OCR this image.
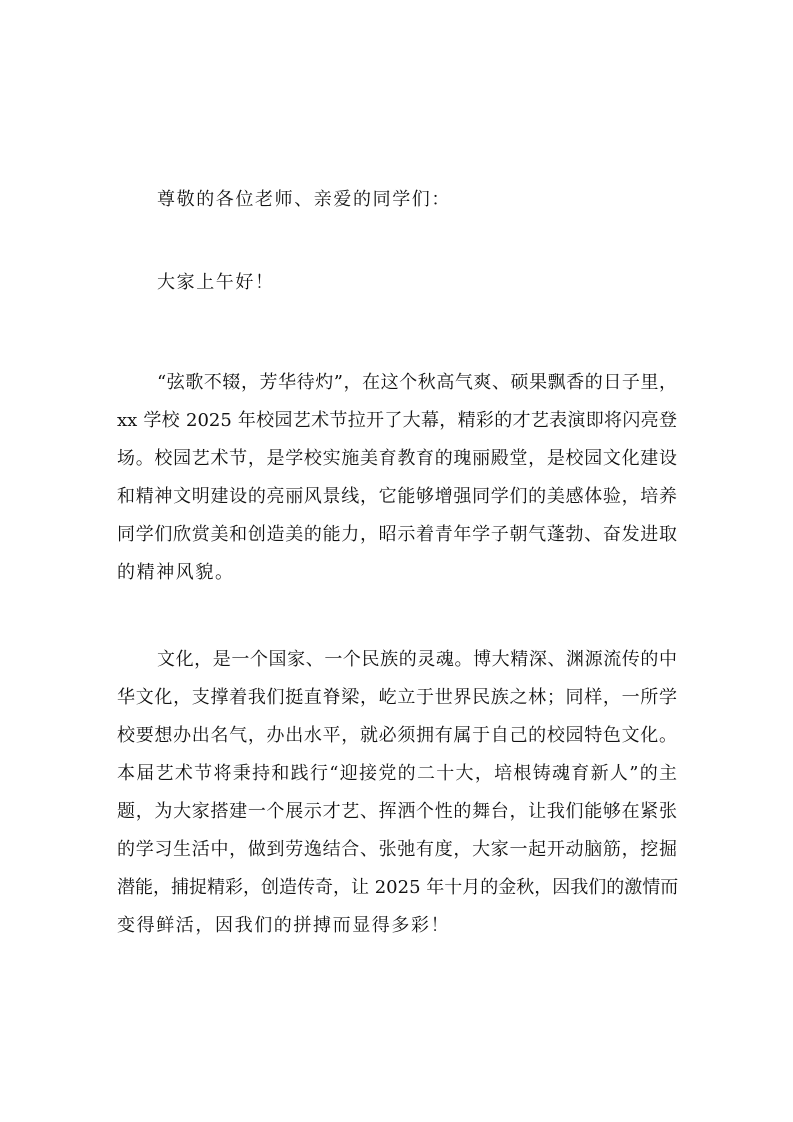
尊敬的各位老师、亲爱的同学们：
大家上午好！
“弦歌不辍，芳华待灼”，在这个秋高气爽、硕果飘香的日子里，
xx 学校 2025 年校园艺术节拉开了大幕，精彩的才艺表演即将闪亮登
场。校园艺术节，是学校实施美育教育的瑰丽殿堂，是校园文化建设
和精神文明建设的亮丽风景线，它能够增强同学们的美感体验，培养
同学们欣赏美和创造美的能力，昭示着青年学子朝气蓬勃、奋发进取
的精神风貌。
文化，是一个国家、一个民族的灵魂。博大精深、渊源流传的中
华文化，支撑着我们挺直脊梁，屹立于世界民族之林；同样，一所学
校要想办出名气，办出水平，就必须拥有属于自己的校园特色文化。
本届艺术节将秉持和践行“迎接党的二十大，培根铸魂育新人”的主
题，为大家搭建一个展示才艺、挥洒个性的舞台，让我们能够在紧张
的学习生活中，做到劳逸结合、张弛有度，大家一起开动脑筋，挖掘
潜能，捕捉精彩，创造传奇，让 2025 年十月的金秋，因我们的激情而
变得鲜活，因我们的拼搏而显得多彩！
